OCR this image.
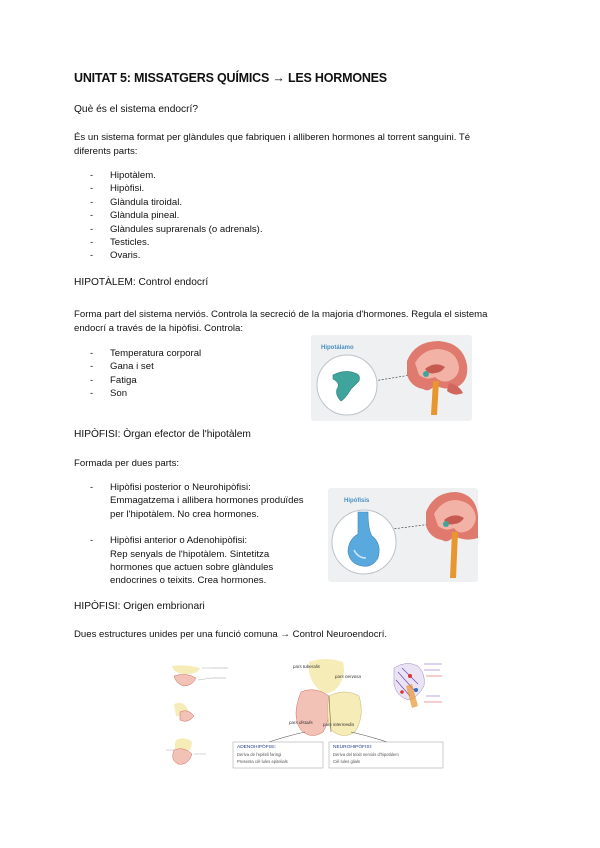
UNITAT 5: MISSATGERS QUÍMICS → LES HORMONES
Què és el sistema endocrí?
És un sistema format per glàndules que fabriquen i alliberen hormones al torrent sanguini. Té
diferents parts:
- Hipotàlem.
- Hipòfisi.
- Glàndula tiroidal.
- Glàndula pineal.
- Glàndules suprarenals (o adrenals).
- Testicles.
- Ovaris.
HIPOTÀLEM: Control endocrí
Forma part del sistema nerviós. Controla la secreció de la majoria d'hormones. Regula el sistema
endocrí a través de la hipòfisi. Controla:
- Temperatura corporal
- Gana i set
- Fatiga
- Son
Hipotálamo
HIPÒFISI: Òrgan efector de l'hipotàlem
Formada per dues parts:
- Hipòfisi posterior o Neurohipòfisi:
Emmagatzema i allibera hormones produïdes
per l'hipotàlem. No crea hormones.
- Hipòfisi anterior o Adenohipòfisi:
Rep senyals de l'hipotàlem. Sintetitza
hormones que actuen sobre glàndules
endocrines o teixits. Crea hormones.
Hipófisis
HIPÒFISI: Origen embrionari
Dues estructures unides per una funció comuna → Control Neuroendocrí.
pars tuberalis
pars nervosa
pars distalis pars intermedia
ADENOHIPÒFISI:
Deriva de l'epiteli faringi
Presenta cèl·lules epitelials
NEUROHIPÒFISI:
Deriva del teixit nerviós d'hipotàlem
Cèl·lules glials
